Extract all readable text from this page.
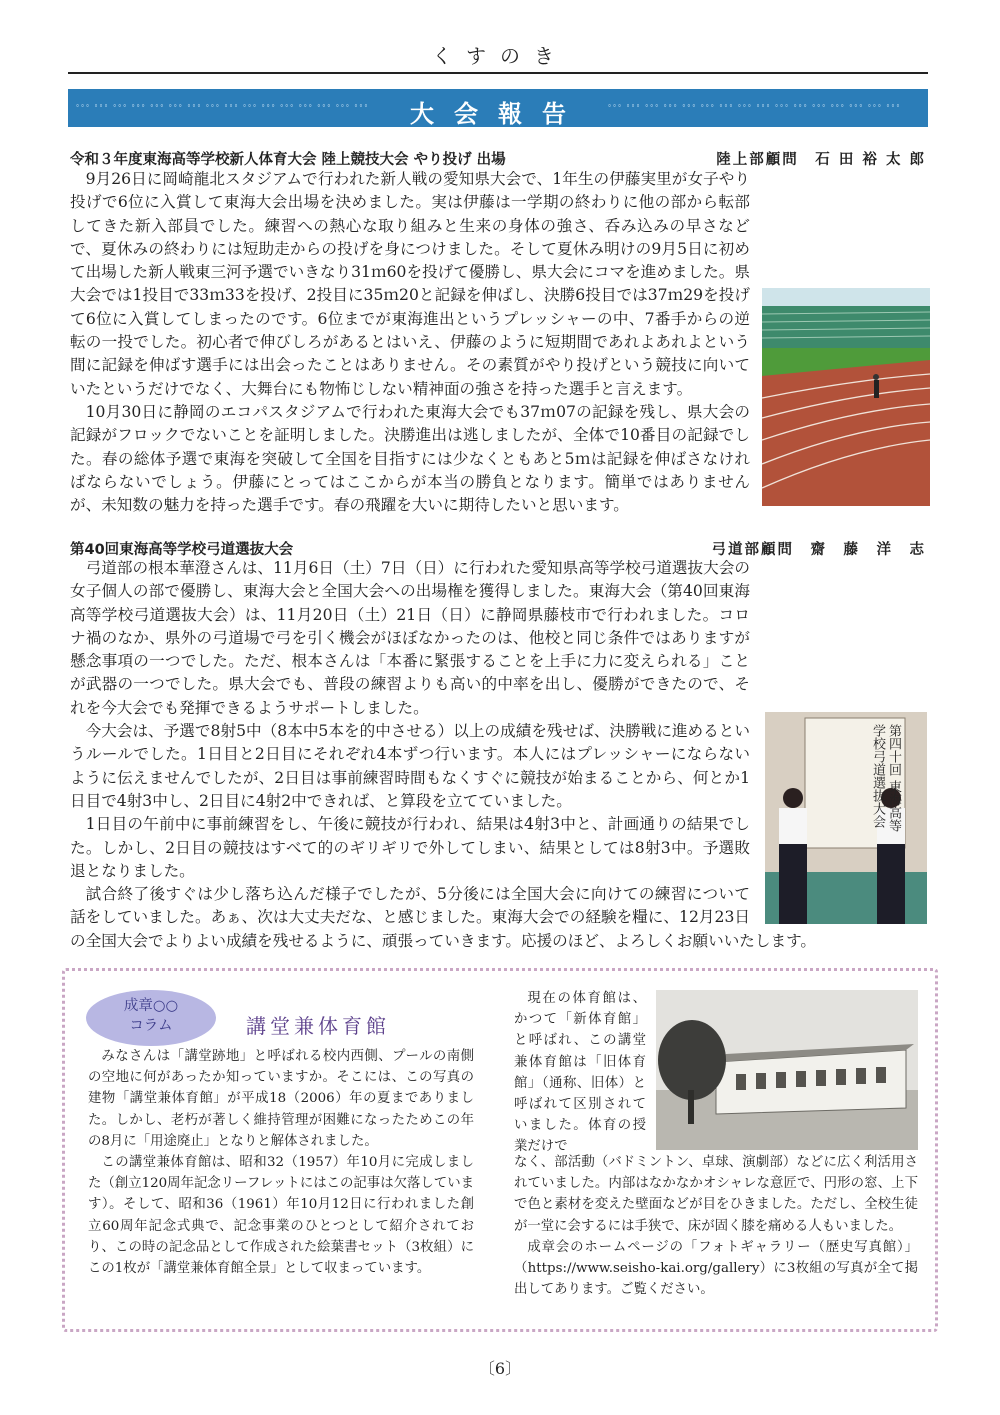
くすのき
ﾟﾟﾟ ﾟﾟﾟ ﾟﾟﾟ ﾟﾟﾟ ﾟﾟﾟ ﾟﾟﾟ ﾟﾟﾟ ﾟﾟﾟ ﾟﾟﾟ ﾟﾟﾟ ﾟﾟﾟ ﾟﾟﾟ ﾟﾟﾟ ﾟﾟﾟ ﾟﾟﾟ ﾟﾟﾟ	大会報告	ﾟﾟﾟ ﾟﾟﾟ ﾟﾟﾟ ﾟﾟﾟ ﾟﾟﾟ ﾟﾟﾟ ﾟﾟﾟ ﾟﾟﾟ ﾟﾟﾟ ﾟﾟﾟ ﾟﾟﾟ ﾟﾟﾟ ﾟﾟﾟ ﾟﾟﾟ ﾟﾟﾟ ﾟﾟﾟ
令和３年度東海高等学校新人体育大会 陸上競技大会 やり投げ 出場	陸上部顧問　石 田 裕 太 郎

9月26日に岡崎龍北スタジアムで行われた新人戦の愛知県大会で、1年生の伊藤実里が女子やり投げで6位に入賞して東海大会出場を決めました。実は伊藤は一学期の終わりに他の部から転部してきた新入部員でした。練習への熱心な取り組みと生来の身体の強さ、呑み込みの早さなどで、夏休みの終わりには短助走からの投げを身につけました。そして夏休み明けの9月5日に初めて出場した新人戦東三河予選でいきなり31ｍ60を投げて優勝し、県大会にコマを進めました。県大会では1投目で33ｍ33を投げ、2投目に35ｍ20と記録を伸ばし、決勝6投目では37ｍ29を投げて6位に入賞してしまったのです。6位までが東海進出というプレッシャーの中、7番手からの逆転の一投でした。初心者で伸びしろがあるとはいえ、伊藤のように短期間であれよあれよという間に記録を伸ばす選手には出会ったことはありません。その素質がやり投げという競技に向いていたというだけでなく、大舞台にも物怖じしない精神面の強さを持った選手と言えます。

10月30日に静岡のエコパスタジアムで行われた東海大会でも37ｍ07の記録を残し、県大会の記録がフロックでないことを証明しました。決勝進出は逃しましたが、全体で10番目の記録でした。春の総体予選で東海を突破して全国を目指すには少なくともあと5ｍは記録を伸ばさなければならないでしょう。伊藤にとってはここからが本当の勝負となります。簡単ではありませんが、未知数の魅力を持った選手です。春の飛躍を大いに期待したいと思います。

第40回東海高等学校弓道選抜大会	弓道部顧問　齋　藤　洋　志

弓道部の根本華澄さんは、11月6日（土）7日（日）に行われた愛知県高等学校弓道選抜大会の女子個人の部で優勝し、東海大会と全国大会への出場権を獲得しました。東海大会（第40回東海高等学校弓道選抜大会）は、11月20日（土）21日（日）に静岡県藤枝市で行われました。コロナ禍のなか、県外の弓道場で弓を引く機会がほぼなかったのは、他校と同じ条件ではありますが懸念事項の一つでした。ただ、根本さんは「本番に緊張することを上手に力に変えられる」ことが武器の一つでした。県大会でも、普段の練習よりも高い的中率を出し、優勝ができたので、それを今大会でも発揮できるようサポートしました。

今大会は、予選で8射5中（8本中5本を的中させる）以上の成績を残せば、決勝戦に進めるというルールでした。1日目と2日目にそれぞれ4本ずつ行います。本人にはプレッシャーにならないように伝えませんでしたが、2日目は事前練習時間もなくすぐに競技が始まることから、何とか1日目で4射3中し、2日目に4射2中できれば、と算段を立てていました。

1日目の午前中に事前練習をし、午後に競技が行われ、結果は4射3中と、計画通りの結果でした。しかし、2日目の競技はすべて的のギリギリで外してしまい、結果としては8射3中。予選敗退となりました。

試合終了後すぐは少し落ち込んだ様子でしたが、5分後には全国大会に向けての練習について話をしていました。あぁ、次は大丈夫だな、と感じました。東海大会での経験を糧に、12月23日の全国大会でよりよい成績を残せるように、頑張っていきます。応援のほど、よろしくお願いいたします。

第四十回 東海高等学校弓道選抜大会
成章○○
コラム	講堂兼体育館

みなさんは「講堂跡地」と呼ばれる校内西側、プールの南側の空地に何があったか知っていますか。そこには、この写真の建物「講堂兼体育館」が平成18（2006）年の夏までありました。しかし、老朽が著しく維持管理が困難になったためこの年の8月に「用途廃止」となりと解体されました。

この講堂兼体育館は、昭和32（1957）年10月に完成しました（創立120周年記念リーフレットにはこの記事は欠落しています）。そして、昭和36（1961）年10月12日に行われました創立60周年記念式典で、記念事業のひとつとして紹介されており、この時の記念品として作成された絵葉書セット（3枚組）にこの1枚が「講堂兼体育館全景」として収まっています。

現在の体育館は、かつて「新体育館」と呼ばれ、この講堂兼体育館は「旧体育館」（通称、旧体）と呼ばれて区別されていました。体育の授業だけで

なく、部活動（バドミントン、卓球、演劇部）などに広く利活用されていました。内部はなかなかオシャレな意匠で、円形の窓、上下で色と素材を変えた壁面などが目をひきました。ただし、全校生徒が一堂に会するには手狭で、床が固く膝を痛める人もいました。

成章会のホームページの「フォトギャラリー（歴史写真館）」（https://www.seisho-kai.org/gallery）に3枚組の写真が全て掲出してあります。ご覧ください。

〔6〕
